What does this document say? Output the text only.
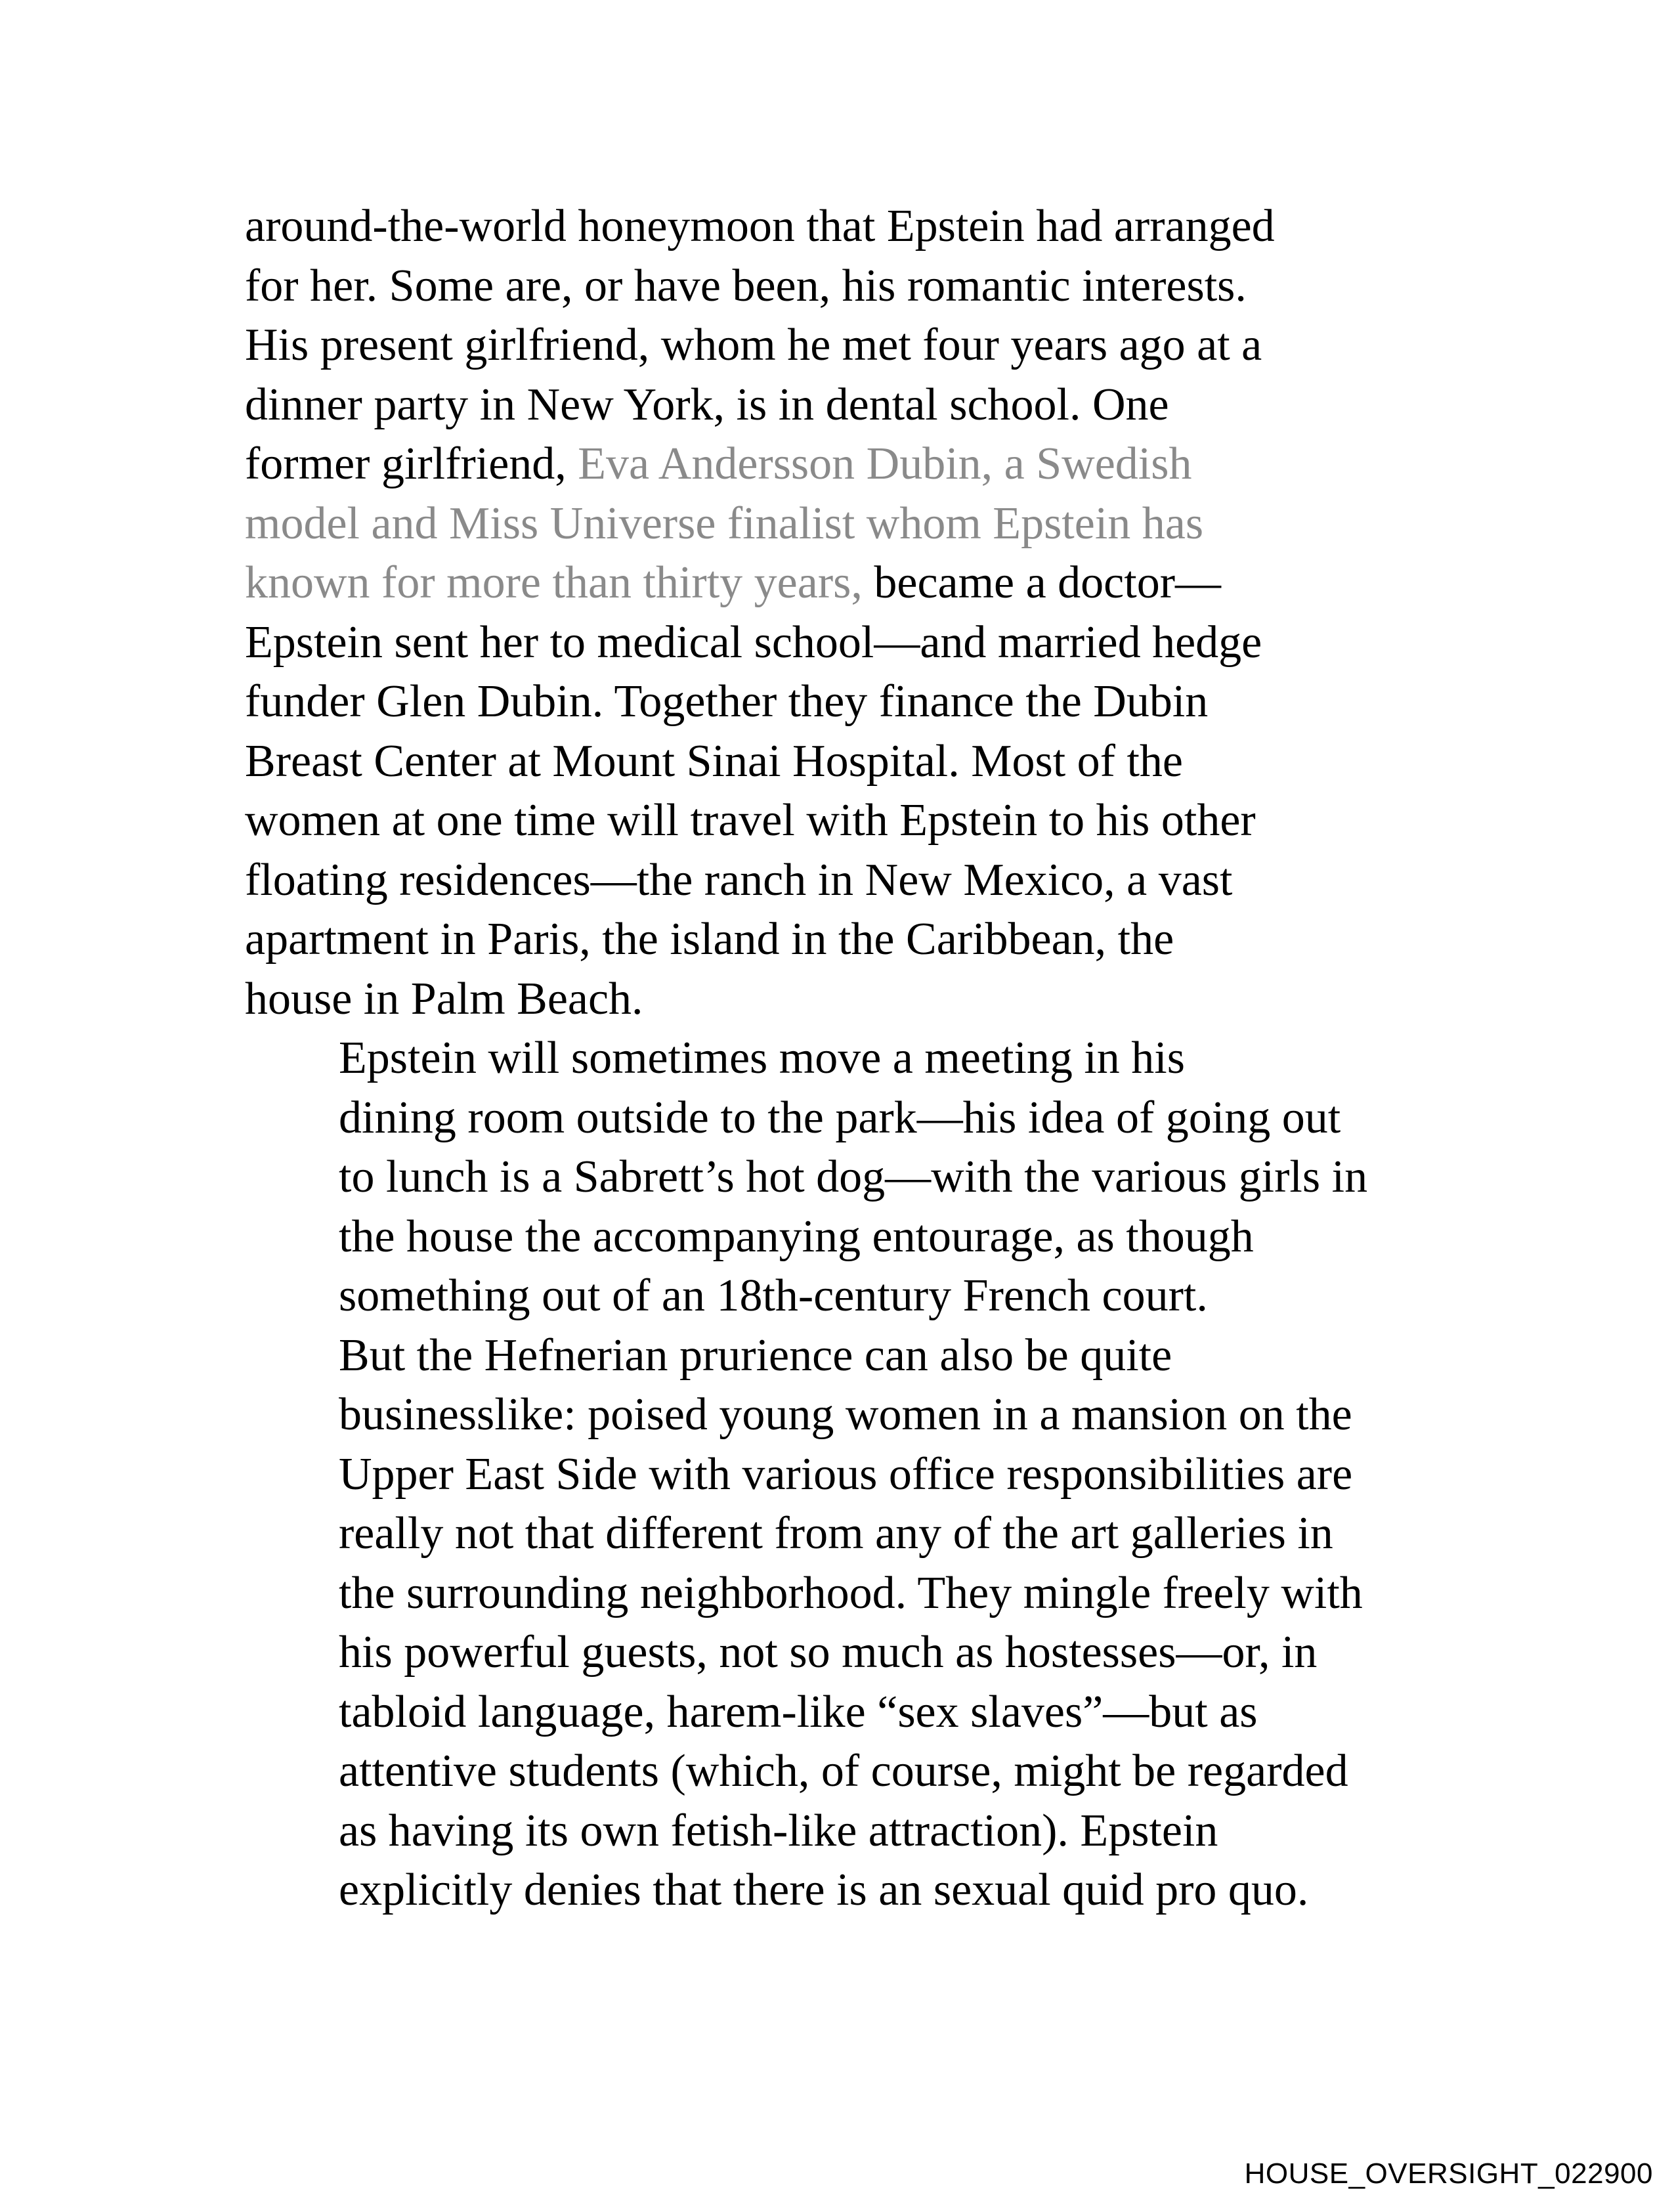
around-the-world honeymoon that Epstein had arranged
for her. Some are, or have been, his romantic interests.
His present girlfriend, whom he met four years ago at a
dinner party in New York, is in dental school. One
former girlfriend, Eva Andersson Dubin, a Swedish
model and Miss Universe finalist whom Epstein has
known for more than thirty years, became a doctor—
Epstein sent her to medical school—and married hedge
funder Glen Dubin. Together they finance the Dubin
Breast Center at Mount Sinai Hospital. Most of the
women at one time will travel with Epstein to his other
floating residences—the ranch in New Mexico, a vast
apartment in Paris, the island in the Caribbean, the
house in Palm Beach.
Epstein will sometimes move a meeting in his
dining room outside to the park—his idea of going out
to lunch is a Sabrett’s hot dog—with the various girls in
the house the accompanying entourage, as though
something out of an 18th-century French court.
But the Hefnerian prurience can also be quite
businesslike: poised young women in a mansion on the
Upper East Side with various office responsibilities are
really not that different from any of the art galleries in
the surrounding neighborhood. They mingle freely with
his powerful guests, not so much as hostesses—or, in
tabloid language, harem-like “sex slaves”—but as
attentive students (which, of course, might be regarded
as having its own fetish-like attraction). Epstein
explicitly denies that there is an sexual quid pro quo.
HOUSE_OVERSIGHT_022900
